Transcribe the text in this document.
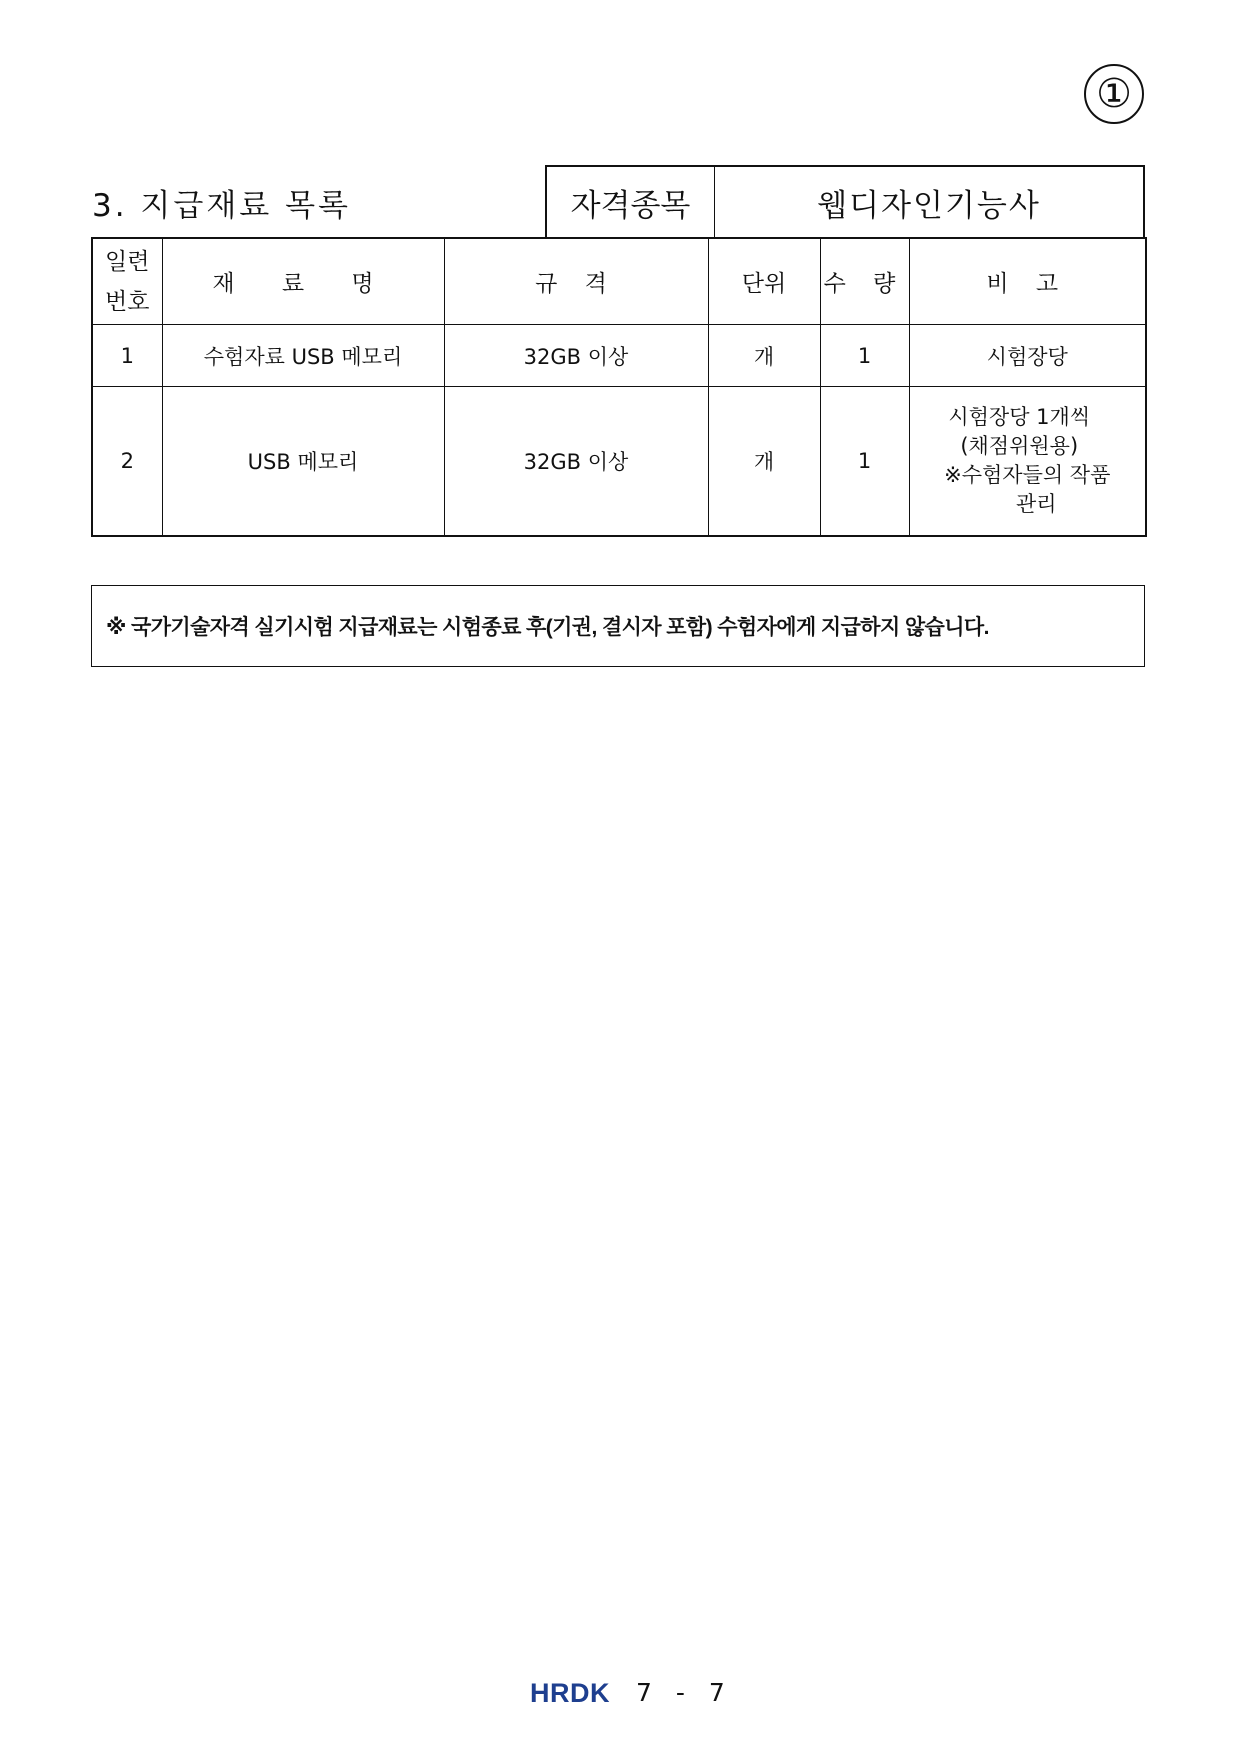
①
3. 지급재료 목록	자격종목	웹디자인기능사
일련
번호	재 료 명	규 격	단위	수 량	비 고
1	수험자료 USB 메모리	32GB 이상	개	1	시험장당
2	USB 메모리	32GB 이상	개	1	시험장당 1개씩
(채점위원용)
※수험자들의 작품
관리
※ 국가기술자격 실기시험 지급재료는 시험종료 후(기권, 결시자 포함) 수험자에게 지급하지 않습니다.
HRDK 7 - 7
